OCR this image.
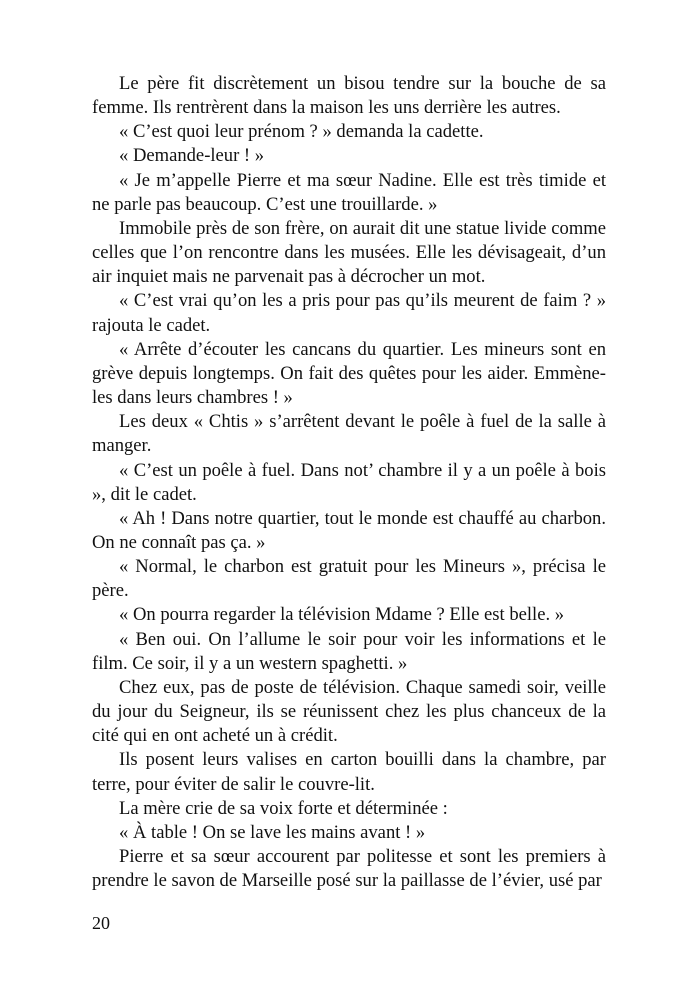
Le père fit discrètement un bisou tendre sur la bouche de sa femme. Ils rentrèrent dans la maison les uns derrière les autres.

« C’est quoi leur prénom ? » demanda la cadette.

« Demande-leur ! »

« Je m’appelle Pierre et ma sœur Nadine. Elle est très timide et ne parle pas beaucoup. C’est une trouillarde. »

Immobile près de son frère, on aurait dit une statue livide comme celles que l’on rencontre dans les musées. Elle les dévisageait, d’un air inquiet mais ne parvenait pas à décrocher un mot.

« C’est vrai qu’on les a pris pour pas qu’ils meurent de faim ? » rajouta le cadet.

« Arrête d’écouter les cancans du quartier. Les mineurs sont en grève depuis longtemps. On fait des quêtes pour les aider. Emmène-les dans leurs chambres ! »

Les deux « Chtis » s’arrêtent devant le poêle à fuel de la salle à manger.

« C’est un poêle à fuel. Dans not’ chambre il y a un poêle à bois », dit le cadet.

« Ah ! Dans notre quartier, tout le monde est chauffé au charbon. On ne connaît pas ça. »

« Normal, le charbon est gratuit pour les Mineurs », précisa le père.

« On pourra regarder la télévision Mdame ? Elle est belle. »

« Ben oui. On l’allume le soir pour voir les informations et le film. Ce soir, il y a un western spaghetti. »

Chez eux, pas de poste de télévision. Chaque samedi soir, veille du jour du Seigneur, ils se réunissent chez les plus chanceux de la cité qui en ont acheté un à crédit.

Ils posent leurs valises en carton bouilli dans la chambre, par terre, pour éviter de salir le couvre-lit.

La mère crie de sa voix forte et déterminée :

« À table ! On se lave les mains avant ! »

Pierre et sa sœur accourent par politesse et sont les premiers à prendre le savon de Marseille posé sur la paillasse de l’évier, usé par

20
